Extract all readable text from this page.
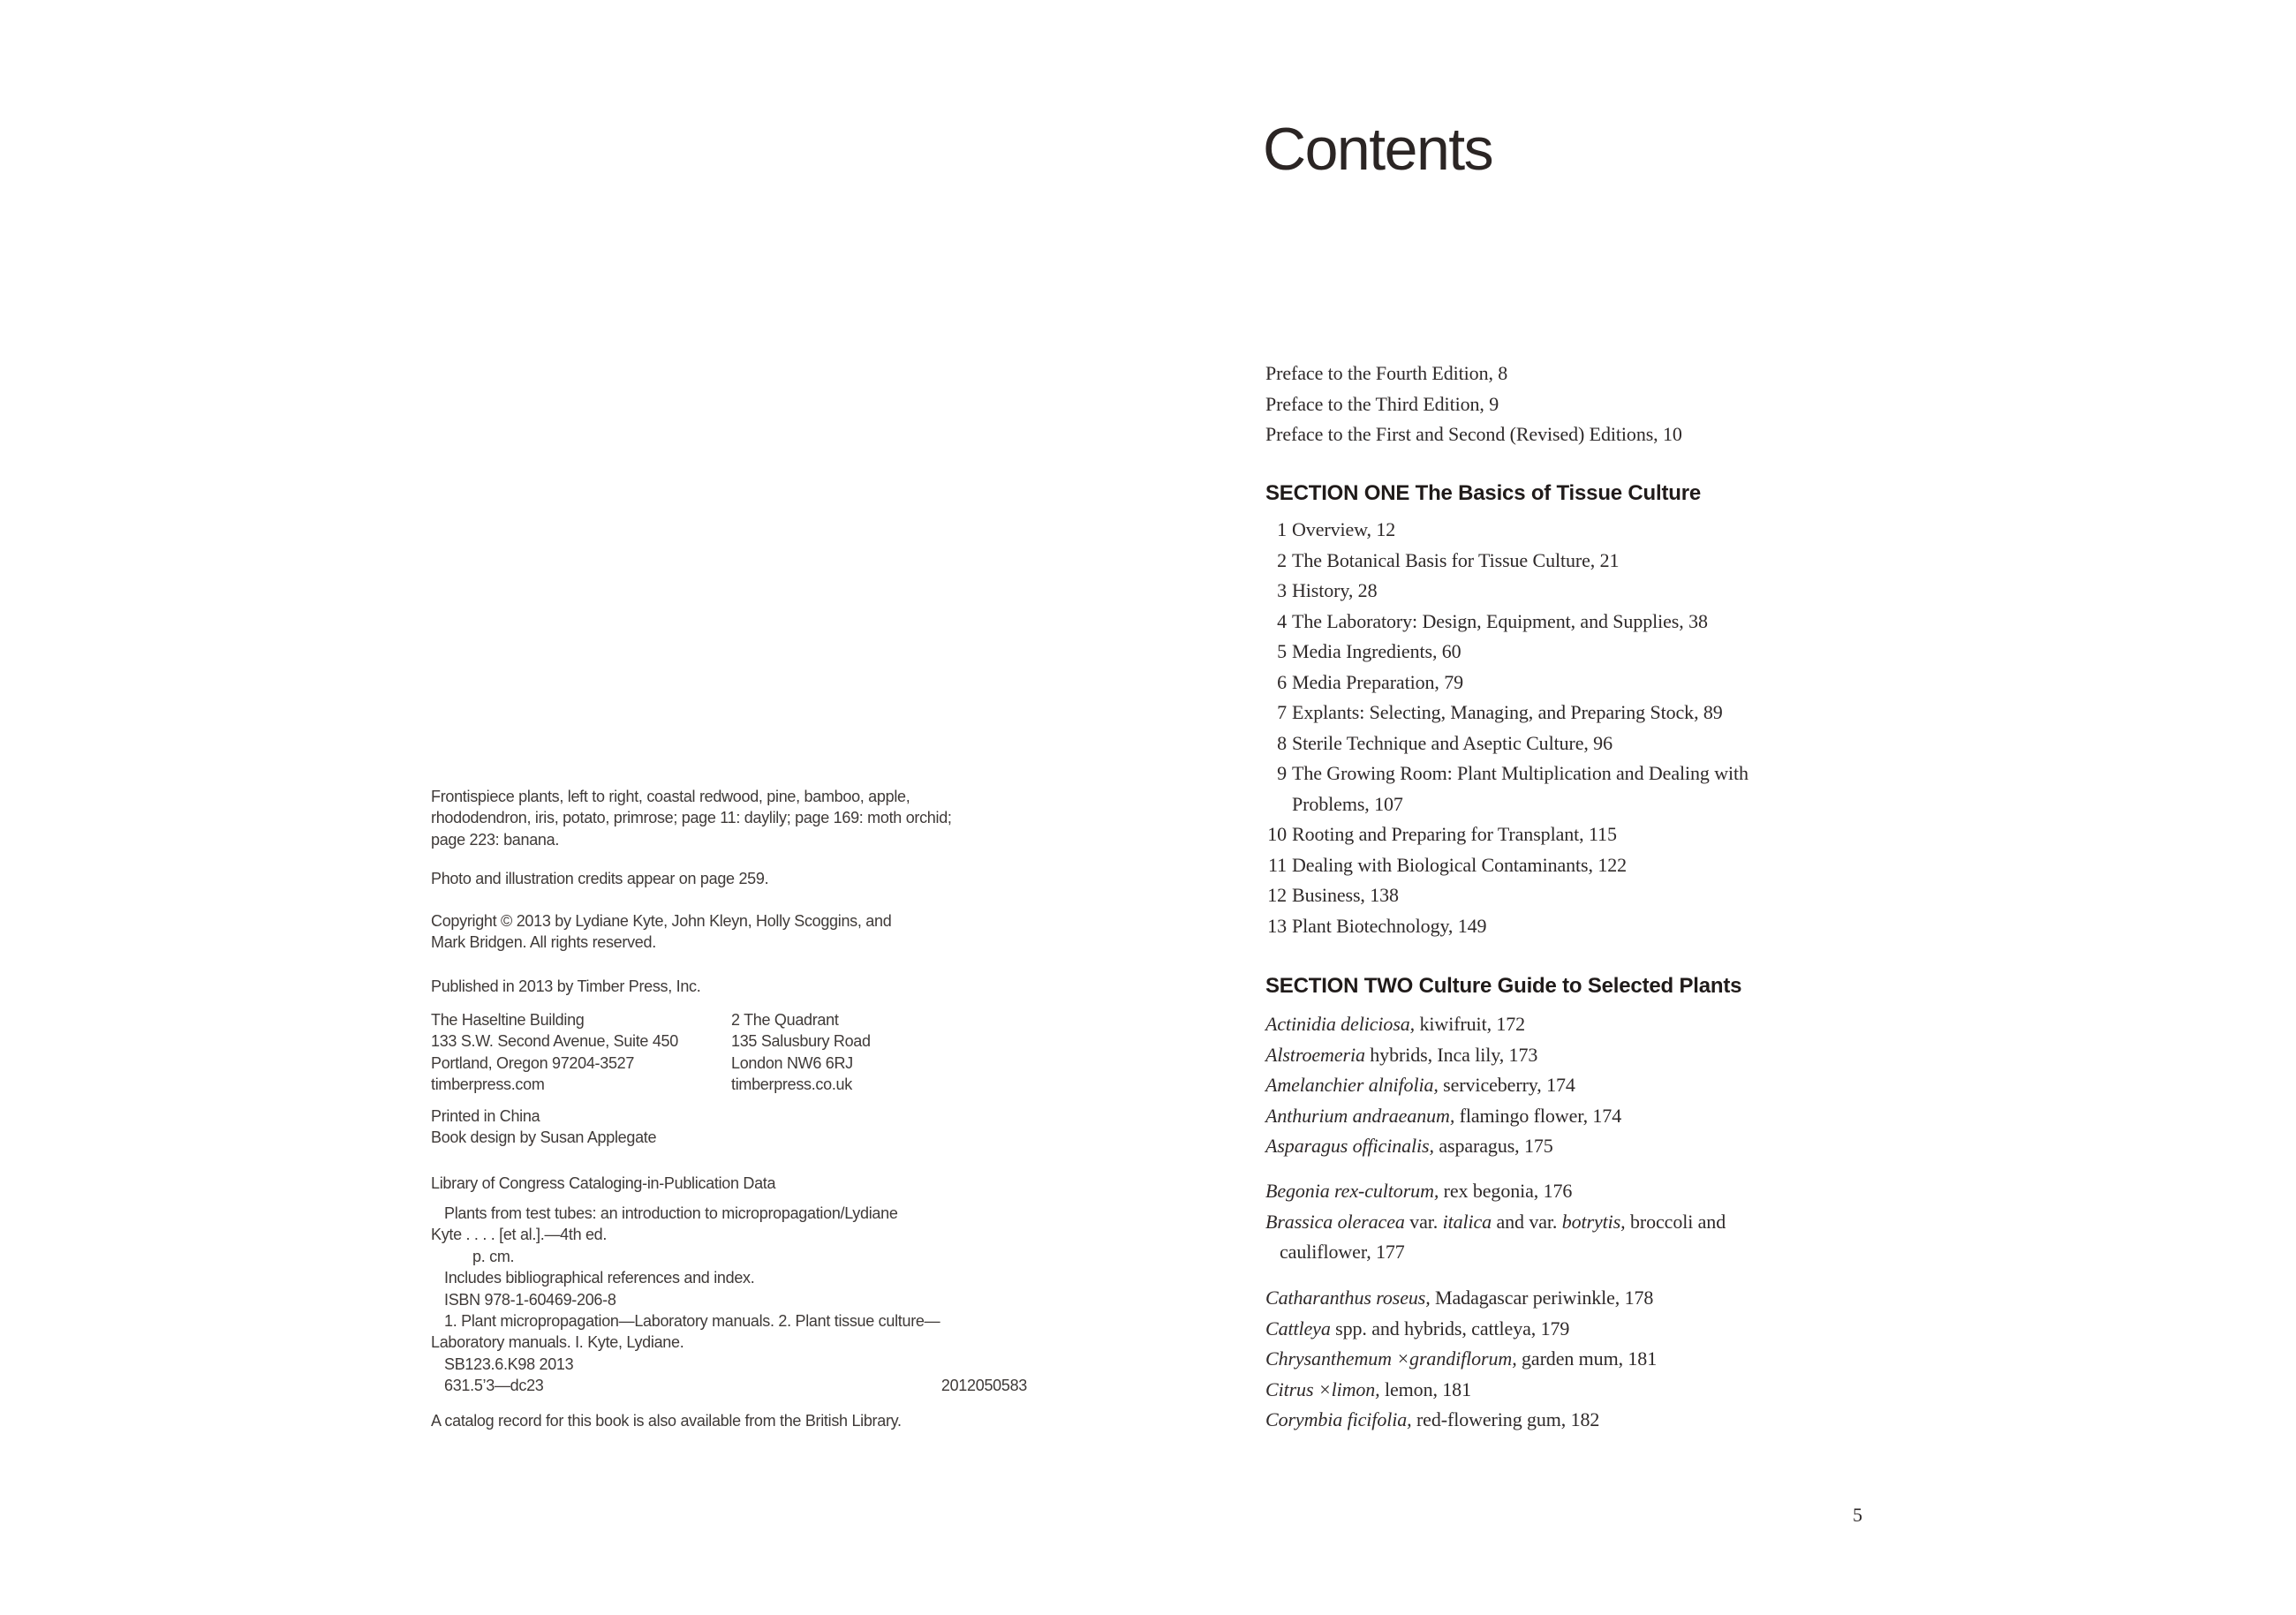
Frontispiece plants, left to right, coastal redwood, pine, bamboo, apple,
rhododendron, iris, potato, primrose; page 11: daylily; page 169: moth orchid;
page 223: banana.
Photo and illustration credits appear on page 259.
Copyright © 2013 by Lydiane Kyte, John Kleyn, Holly Scoggins, and
Mark Bridgen. All rights reserved.
Published in 2013 by Timber Press, Inc.
The Haseltine Building
133 S.W. Second Avenue, Suite 450
Portland, Oregon 97204-3527
timberpress.com
2 The Quadrant
135 Salusbury Road
London NW6 6RJ
timberpress.co.uk
Printed in China
Book design by Susan Applegate
Library of Congress Cataloging-in-Publication Data
Plants from test tubes: an introduction to micropropagation/Lydiane
Kyte . . . . [et al.].—4th ed.
p. cm.
Includes bibliographical references and index.
ISBN 978-1-60469-206-8
1. Plant micropropagation—Laboratory manuals. 2. Plant tissue culture—
Laboratory manuals. I. Kyte, Lydiane.
SB123.6.K98 2013
631.5’3—dc23	2012050583
A catalog record for this book is also available from the British Library.
Contents
Preface to the Fourth Edition, 8
Preface to the Third Edition, 9
Preface to the First and Second (Revised) Editions, 10
SECTION ONE The Basics of Tissue Culture
1 Overview, 12
2 The Botanical Basis for Tissue Culture, 21
3 History, 28
4 The Laboratory: Design, Equipment, and Supplies, 38
5 Media Ingredients, 60
6 Media Preparation, 79
7 Explants: Selecting, Managing, and Preparing Stock, 89
8 Sterile Technique and Aseptic Culture, 96
9 The Growing Room: Plant Multiplication and Dealing with
Problems, 107
10 Rooting and Preparing for Transplant, 115
11 Dealing with Biological Contaminants, 122
12 Business, 138
13 Plant Biotechnology, 149
SECTION TWO Culture Guide to Selected Plants
Actinidia deliciosa, kiwifruit, 172
Alstroemeria hybrids, Inca lily, 173
Amelanchier alnifolia, serviceberry, 174
Anthurium andraeanum, flamingo flower, 174
Asparagus officinalis, asparagus, 175
Begonia rex-cultorum, rex begonia, 176
Brassica oleracea var. italica and var. botrytis, broccoli and
cauliflower, 177
Catharanthus roseus, Madagascar periwinkle, 178
Cattleya spp. and hybrids, cattleya, 179
Chrysanthemum ×grandiflorum, garden mum, 181
Citrus ×limon, lemon, 181
Corymbia ficifolia, red-flowering gum, 182
5
